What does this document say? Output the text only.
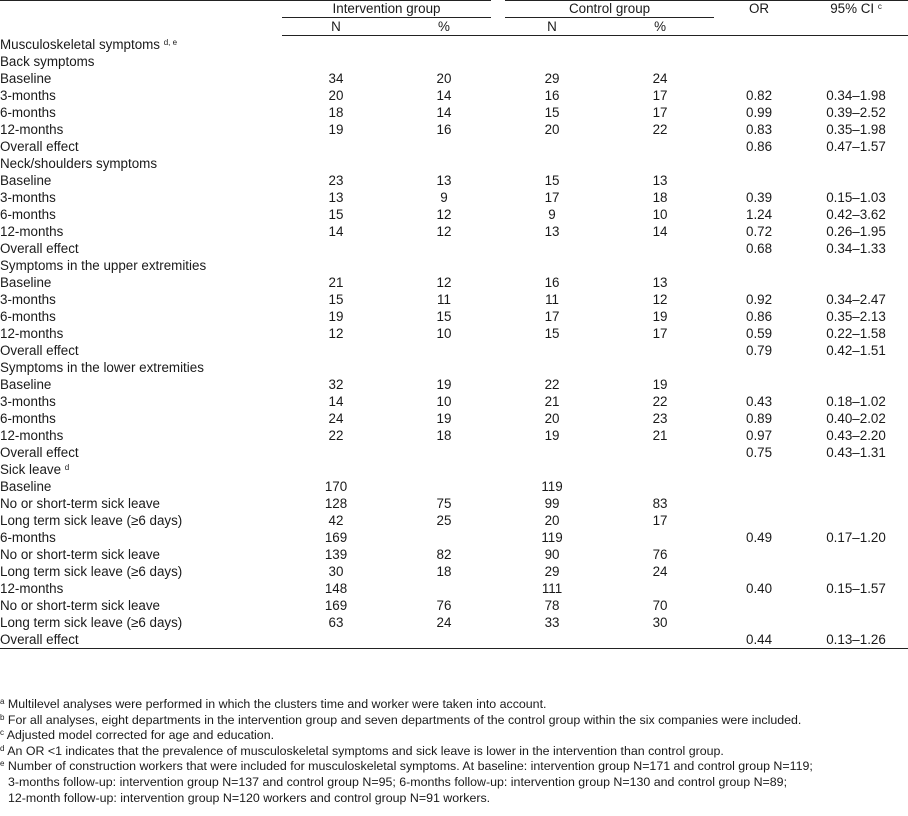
	Intervention group		Control group		OR	95% CI $^c$
	N	%	N	%		
Musculoskeletal symptoms $^{d, e}$						
Back symptoms						
Baseline	34	20	29	24		
3-months	20	14	16	17	0.82	0.34–1.98
6-months	18	14	15	17	0.99	0.39–2.52
12-months	19	16	20	22	0.83	0.35–1.98
Overall effect					0.86	0.47–1.57
Neck/shoulders symptoms						
Baseline	23	13	15	13		
3-months	13	9	17	18	0.39	0.15–1.03
6-months	15	12	9	10	1.24	0.42–3.62
12-months	14	12	13	14	0.72	0.26–1.95
Overall effect					0.68	0.34–1.33
Symptoms in the upper extremities						
Baseline	21	12	16	13		
3-months	15	11	11	12	0.92	0.34–2.47
6-months	19	15	17	19	0.86	0.35–2.13
12-months	12	10	15	17	0.59	0.22–1.58
Overall effect					0.79	0.42–1.51
Symptoms in the lower extremities						
Baseline	32	19	22	19		
3-months	14	10	21	22	0.43	0.18–1.02
6-months	24	19	20	23	0.89	0.40–2.02
12-months	22	18	19	21	0.97	0.43–2.20
Overall effect					0.75	0.43–1.31
Sick leave $^d$						
Baseline	170		119			
No or short-term sick leave	128	75	99	83		
Long term sick leave (≥6 days)	42	25	20	17		
6-months	169		119		0.49	0.17–1.20
No or short-term sick leave	139	82	90	76		
Long term sick leave (≥6 days)	30	18	29	24		
12-months	148		111		0.40	0.15–1.57
No or short-term sick leave	169	76	78	70		
Long term sick leave (≥6 days)	63	24	33	30		
Overall effect					0.44	0.13–1.26
$^a$ Multilevel analyses were performed in which the clusters time and worker were taken into account.
$^b$ For all analyses, eight departments in the intervention group and seven departments of the control group within the six companies were included.
$^c$ Adjusted model corrected for age and education.
$^d$ An OR <1 indicates that the prevalence of musculoskeletal symptoms and sick leave is lower in the intervention than control group.
$^e$ Number of construction workers that were included for musculoskeletal symptoms. At baseline: intervention group N=171 and control group N=119;
3-months follow-up: intervention group N=137 and control group N=95; 6-months follow-up: intervention group N=130 and control group N=89;
12-month follow-up: intervention group N=120 workers and control group N=91 workers.
